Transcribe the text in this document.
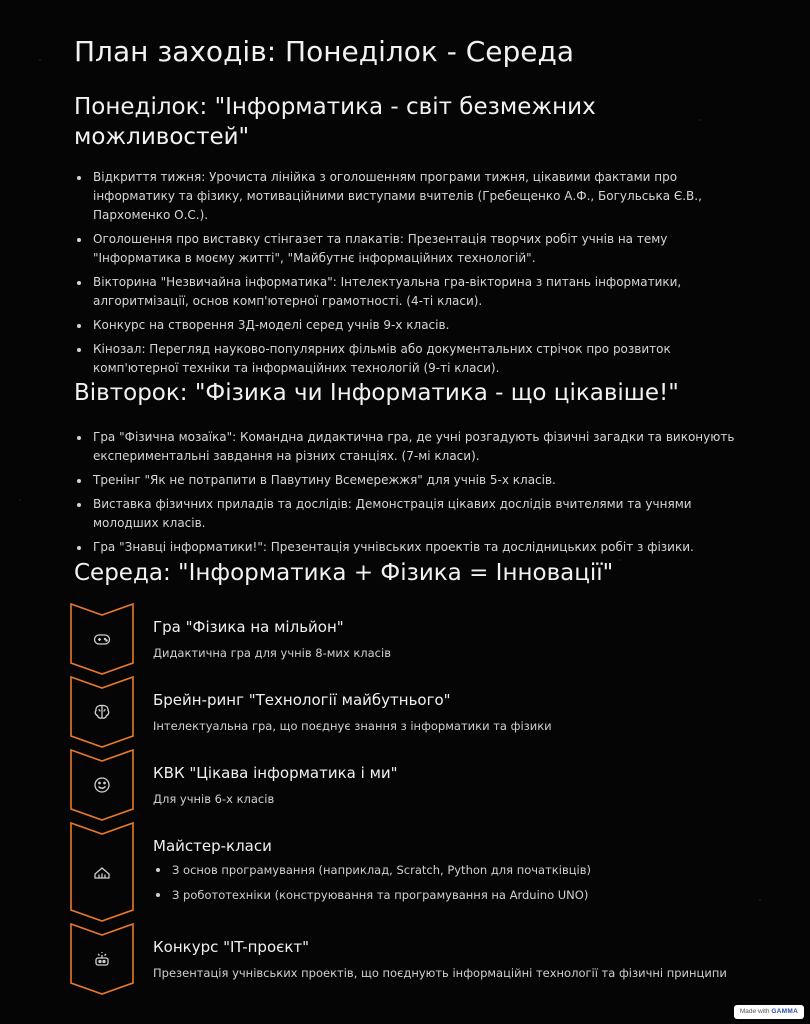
План заходів: Понеділок - Середа
Понеділок: "Інформатика - світ безмежних можливостей"
Відкриття тижня: Урочиста лінійка з оголошенням програми тижня, цікавими фактами про інформатику та фізику, мотиваційними виступами вчителів (Гребещенко А.Ф., Богульська Є.В., Пархоменко О.С.).
Оголошення про виставку стінгазет та плакатів: Презентація творчих робіт учнів на тему "Інформатика в моєму житті", "Майбутнє інформаційних технологій".
Вікторина "Незвичайна інформатика": Інтелектуальна гра-вікторина з питань інформатики, алгоритмізації, основ комп'ютерної грамотності. (4-ті класи).
Конкурс на створення 3Д-моделі серед учнів 9-х класів.
Кінозал: Перегляд науково-популярних фільмів або документальних стрічок про розвиток комп'ютерної техніки та інформаційних технологій (9-ті класи).
Вівторок: "Фізика чи Інформатика - що цікавіше!"
Гра "Фізична мозаїка": Командна дидактична гра, де учні розгадують фізичні загадки та виконують експериментальні завдання на різних станціях. (7-мі класи).
Тренінг "Як не потрапити в Павутину Всемережжя" для учнів 5-х класів.
Виставка фізичних приладів та дослідів: Демонстрація цікавих дослідів вчителями та учнями молодших класів.
Гра "Знавці інформатики!": Презентація учнівських проектів та дослідницьких робіт з фізики.
Середа: "Інформатика + Фізика = Інновації"
Гра "Фізика на мільйон"
Дидактична гра для учнів 8-мих класів
Брейн-ринг "Технології майбутнього"
Інтелектуальна гра, що поєднує знання з інформатики та фізики
КВК "Цікава інформатика і ми"
Для учнів 6-х класів
Майстер-класи
З основ програмування (наприклад, Scratch, Python для початківців)
З робототехніки (конструювання та програмування на Arduino UNO)
Конкурс "IT-проєкт"
Презентація учнівських проектів, що поєднують інформаційні технології та фізичні принципи
Made with GAMMA
